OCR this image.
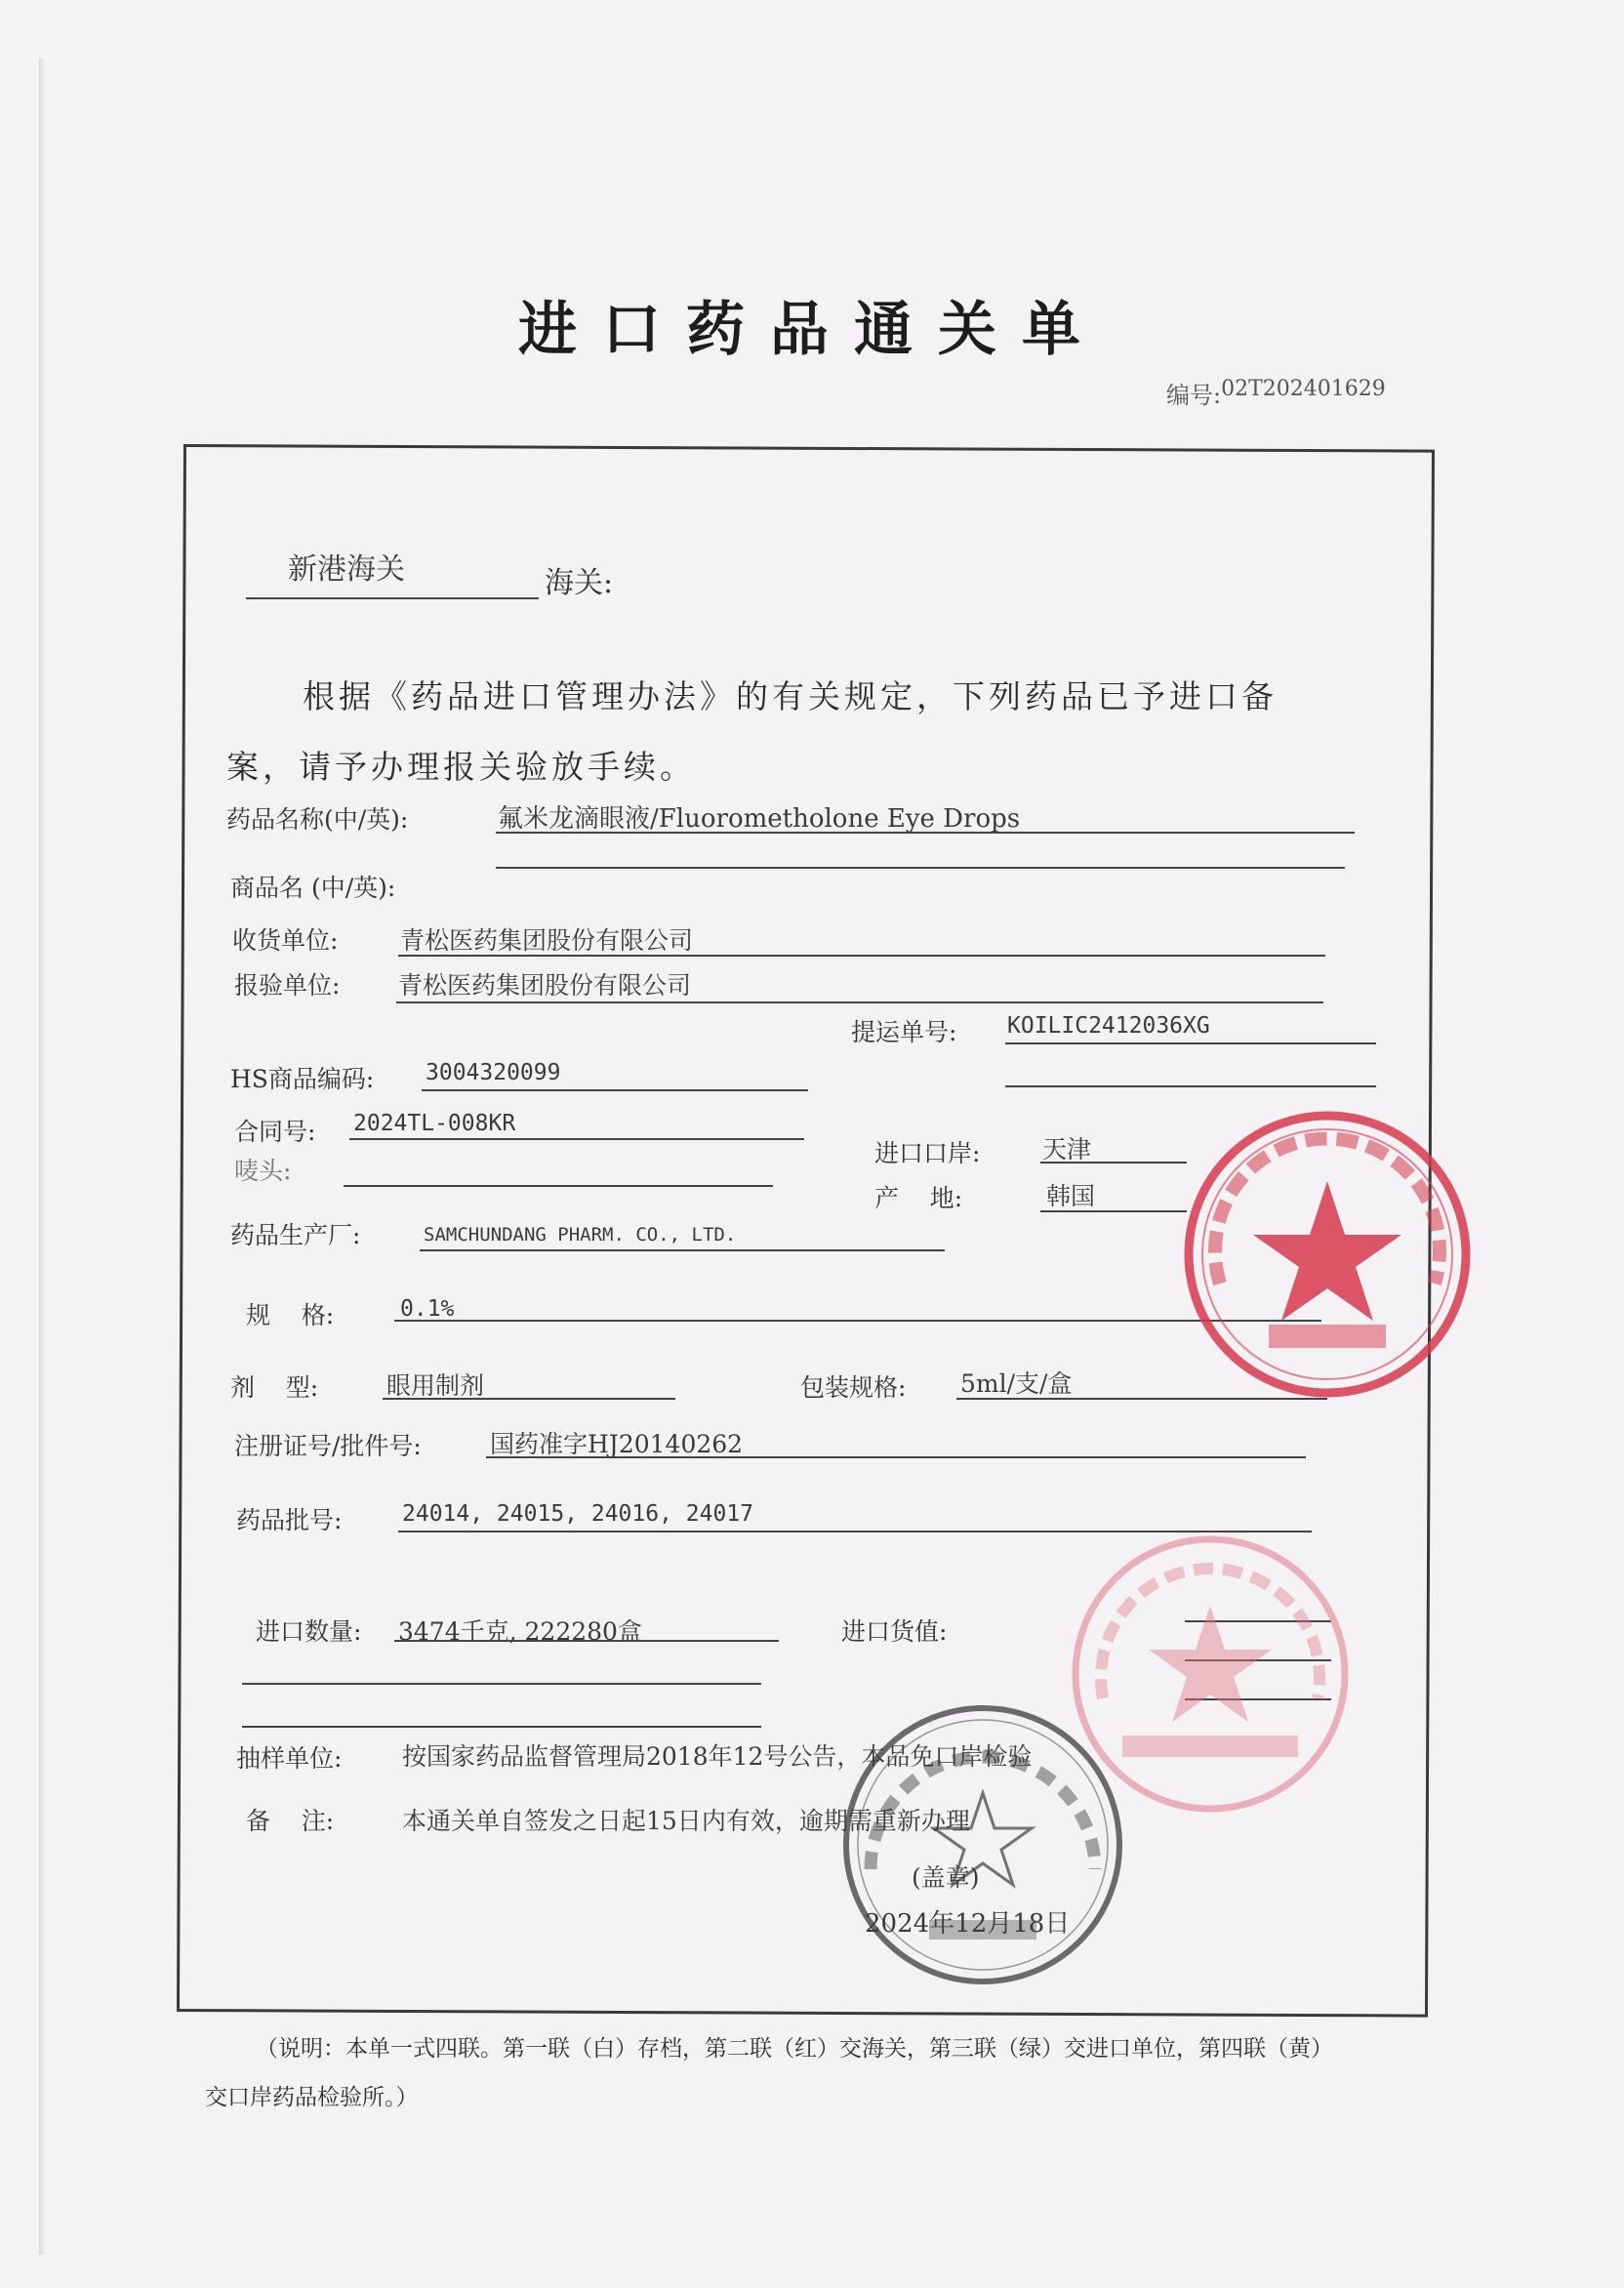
进口药品通关单
编号:02T202401629
新港海关	海关:
根据《药品进口管理办法》的有关规定，下列药品已予进口备
案，请予办理报关验放手续。
药品名称(中/英):	氟米龙滴眼液/Fluorometholone Eye Drops
商品名 (中/英):
收货单位:	青松医药集团股份有限公司
报验单位: 青松医药集团股份有限公司
提运单号: KOILIC2412036XG
HS商品编码: 3004320099
合同号: 2024TL-008KR
唛头:
进口口岸:	天津
产    地:	韩国
药品生产厂:	SAMCHUNDANG PHARM. CO., LTD.
规    格:	0.1%
剂    型:	眼用制剂	包装规格: 5ml/支/盒
注册证号/批件号:	国药准字HJ20140262
药品批号:	24014, 24015, 24016, 24017
进口数量: 3474千克, 222280盒	进口货值:
抽样单位: 按国家药品监督管理局2018年12号公告，本品免口岸检验
备    注:	本通关单自签发之日起15日内有效，逾期需重新办理
(盖章)
2024年12月18日
（说明：本单一式四联。第一联（白）存档，第二联（红）交海关，第三联（绿）交进口单位，第四联（黄）
交口岸药品检验所。）
